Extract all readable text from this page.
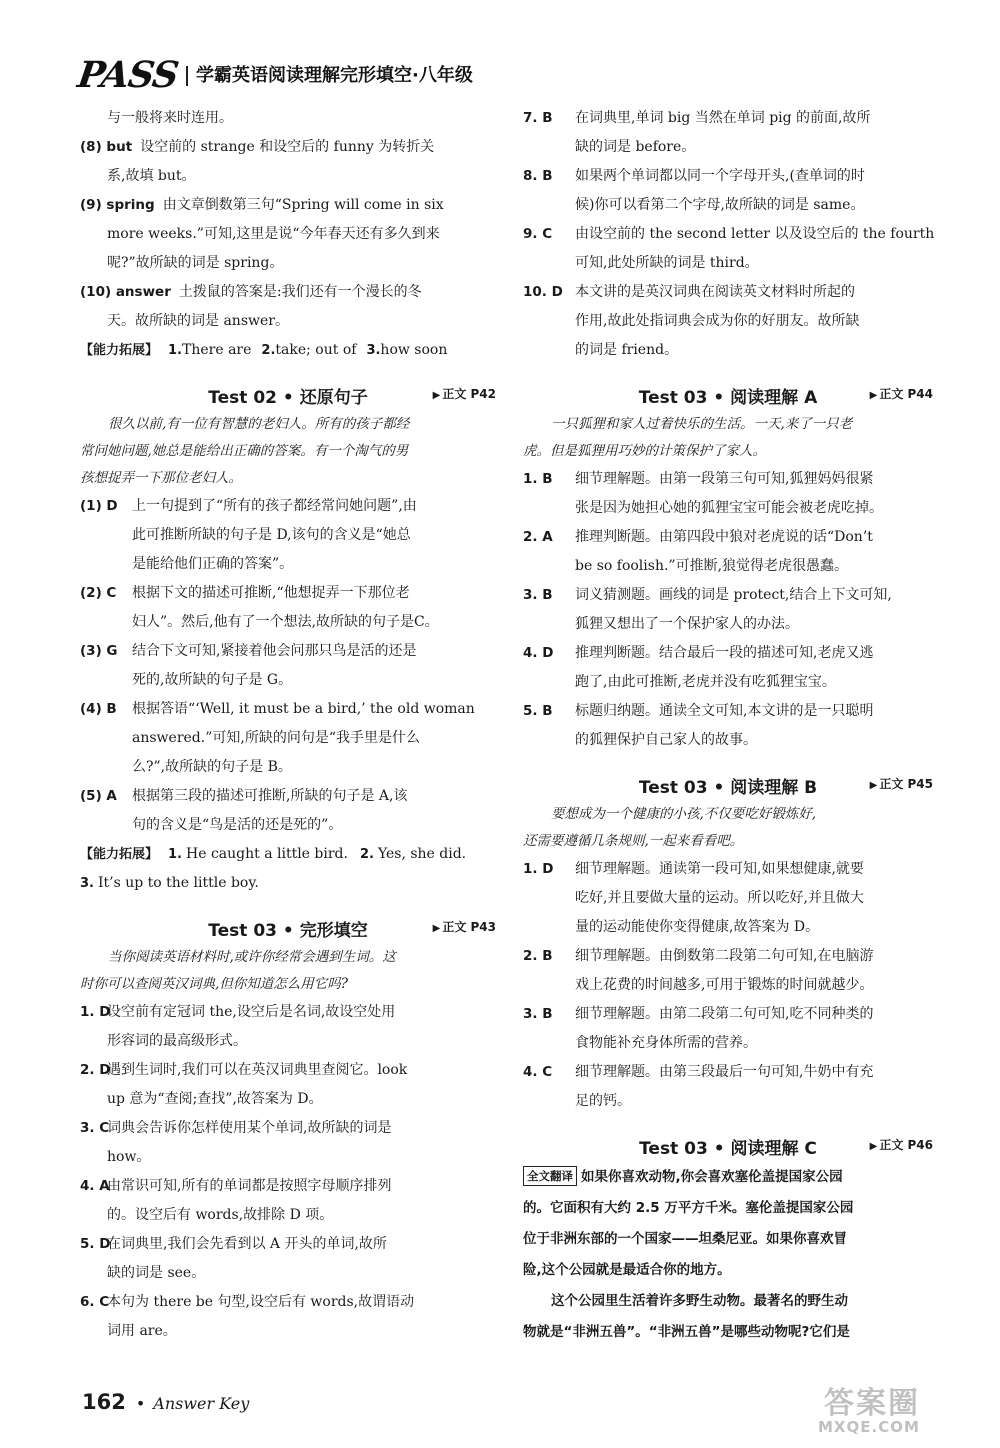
PASS 学霸英语阅读理解完形填空·八年级
与一般将来时连用。
(8) but 设空前的 strange 和设空后的 funny 为转折关
系,故填 but。
(9) spring 由文章倒数第三句“Spring will come in six
more weeks.”可知,这里是说“今年春天还有多久到来
呢?”故所缺的词是 spring。
(10) answer 土拨鼠的答案是:我们还有一个漫长的冬
天。故所缺的词是 answer。
【能力拓展】 1.There are 2.take; out of 3.how soon
Test 02 • 还原句子	▶ 正文 P42
很久以前,有一位有智慧的老妇人。所有的孩子都经
常问她问题,她总是能给出正确的答案。有一个淘气的男
孩想捉弄一下那位老妇人。
(1) D 上一句提到了“所有的孩子都经常问她问题”,由
此可推断所缺的句子是 D,该句的含义是“她总
是能给他们正确的答案”。
(2) C 根据下文的描述可推断,“他想捉弄一下那位老
妇人”。然后,他有了一个想法,故所缺的句子是C。
(3) G 结合下文可知,紧接着他会问那只鸟是活的还是
死的,故所缺的句子是 G。
(4) B 根据答语“‘Well, it must be a bird,’ the old woman
answered.”可知,所缺的问句是“我手里是什么
么?”,故所缺的句子是 B。
(5) A 根据第三段的描述可推断,所缺的句子是 A,该
句的含义是“鸟是活的还是死的”。
【能力拓展】 1. He caught a little bird. 2. Yes, she did.
3. It’s up to the little boy.
Test 03 • 完形填空	▶ 正文 P43
当你阅读英语材料时,或许你经常会遇到生词。这
时你可以查阅英汉词典,但你知道怎么用它吗?
1. D设空前有定冠词 the,设空后是名词,故设空处用
形容词的最高级形式。
2. D遇到生词时,我们可以在英汉词典里查阅它。look
up 意为“查阅;查找”,故答案为 D。
3. C词典会告诉你怎样使用某个单词,故所缺的词是
how。
4. A由常识可知,所有的单词都是按照字母顺序排列
的。设空后有 words,故排除 D 项。
5. D在词典里,我们会先看到以 A 开头的单词,故所
缺的词是 see。
6. C本句为 there be 句型,设空后有 words,故谓语动
词用 are。
7. B 在词典里,单词 big 当然在单词 pig 的前面,故所
缺的词是 before。
8. B 如果两个单词都以同一个字母开头,(查单词的时
候)你可以看第二个字母,故所缺的词是 same。
9. C 由设空前的 the second letter 以及设空后的 the fourth
可知,此处所缺的词是 third。
10. D 本文讲的是英汉词典在阅读英文材料时所起的
作用,故此处指词典会成为你的好朋友。故所缺
的词是 friend。
Test 03 • 阅读理解 A	▶ 正文 P44
一只狐狸和家人过着快乐的生活。一天,来了一只老
虎。但是狐狸用巧妙的计策保护了家人。
1. B 细节理解题。由第一段第三句可知,狐狸妈妈很紧
张是因为她担心她的狐狸宝宝可能会被老虎吃掉。
2. A 推理判断题。由第四段中狼对老虎说的话“Don’t
be so foolish.”可推断,狼觉得老虎很愚蠢。
3. B 词义猜测题。画线的词是 protect,结合上下文可知,
狐狸又想出了一个保护家人的办法。
4. D 推理判断题。结合最后一段的描述可知,老虎又逃
跑了,由此可推断,老虎并没有吃狐狸宝宝。
5. B 标题归纳题。通读全文可知,本文讲的是一只聪明
的狐狸保护自己家人的故事。
Test 03 • 阅读理解 B	▶ 正文 P45
要想成为一个健康的小孩,不仅要吃好锻炼好,
还需要遵循几条规则,一起来看看吧。
1. D 细节理解题。通读第一段可知,如果想健康,就要
吃好,并且要做大量的运动。所以吃好,并且做大
量的运动能使你变得健康,故答案为 D。
2. B 细节理解题。由倒数第二段第二句可知,在电脑游
戏上花费的时间越多,可用于锻炼的时间就越少。
3. B 细节理解题。由第二段第二句可知,吃不同种类的
食物能补充身体所需的营养。
4. C 细节理解题。由第三段最后一句可知,牛奶中有充
足的钙。
Test 03 • 阅读理解 C	▶ 正文 P46
全文翻译 如果你喜欢动物,你会喜欢塞伦盖提国家公园
的。它面积有大约 2.5 万平方千米。塞伦盖提国家公园
位于非洲东部的一个国家——坦桑尼亚。如果你喜欢冒
险,这个公园就是最适合你的地方。
这个公园里生活着许多野生动物。最著名的野生动
物就是“非洲五兽”。“非洲五兽”是哪些动物呢?它们是
162 • Answer Key	答案圈
MXQE.COM
